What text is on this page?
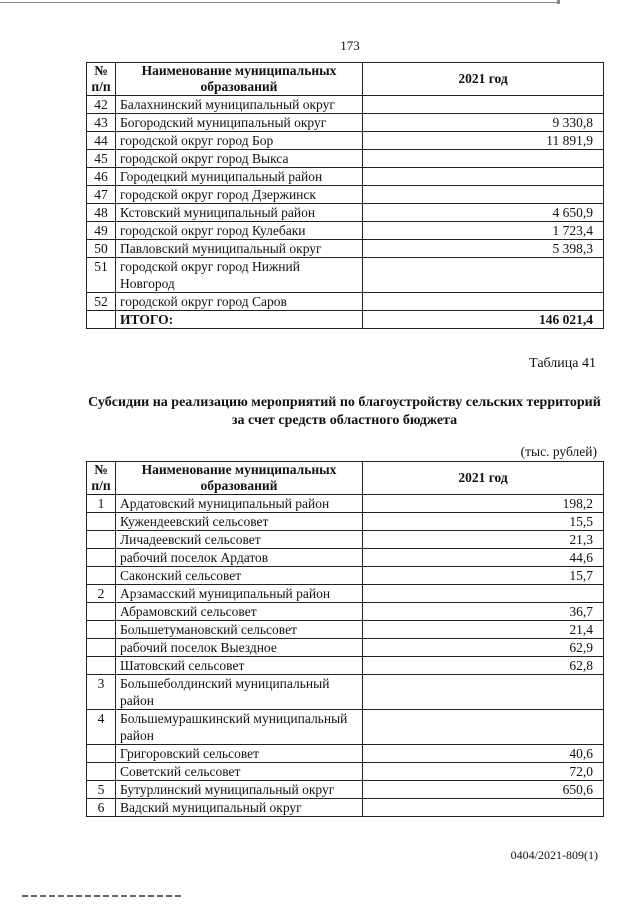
173
№ п/п	Наименование муниципальных образований	2021 год
42	Балахнинский муниципальный округ	
43	Богородский муниципальный округ	9 330,8
44	городской округ город Бор	11 891,9
45	городской округ город Выкса	
46	Городецкий муниципальный район	
47	городской округ город Дзержинск	
48	Кстовский муниципальный район	4 650,9
49	городской округ город Кулебаки	1 723,4
50	Павловский муниципальный округ	5 398,3
51	городской округ город Нижний Новгород	
52	городской округ город Саров	
	ИТОГО:	146 021,4
Таблица 41
Субсидии на реализацию мероприятий по благоустройству сельских территорий за счет средств областного бюджета
(тыс. рублей)
№ п/п	Наименование муниципальных образований	2021 год
1	Ардатовский муниципальный район	198,2
	Кужендеевский сельсовет	15,5
	Личадеевский сельсовет	21,3
	рабочий поселок Ардатов	44,6
	Саконский сельсовет	15,7
2	Арзамасский муниципальный район	
	Абрамовский сельсовет	36,7
	Большетумановский сельсовет	21,4
	рабочий поселок Выездное	62,9
	Шатовский сельсовет	62,8
3	Большеболдинский муниципальный район	
4	Большемурашкинский муниципальный район	
	Григоровский сельсовет	40,6
	Советский сельсовет	72,0
5	Бутурлинский муниципальный округ	650,6
6	Вадский муниципальный округ	
0404/2021-809(1)
